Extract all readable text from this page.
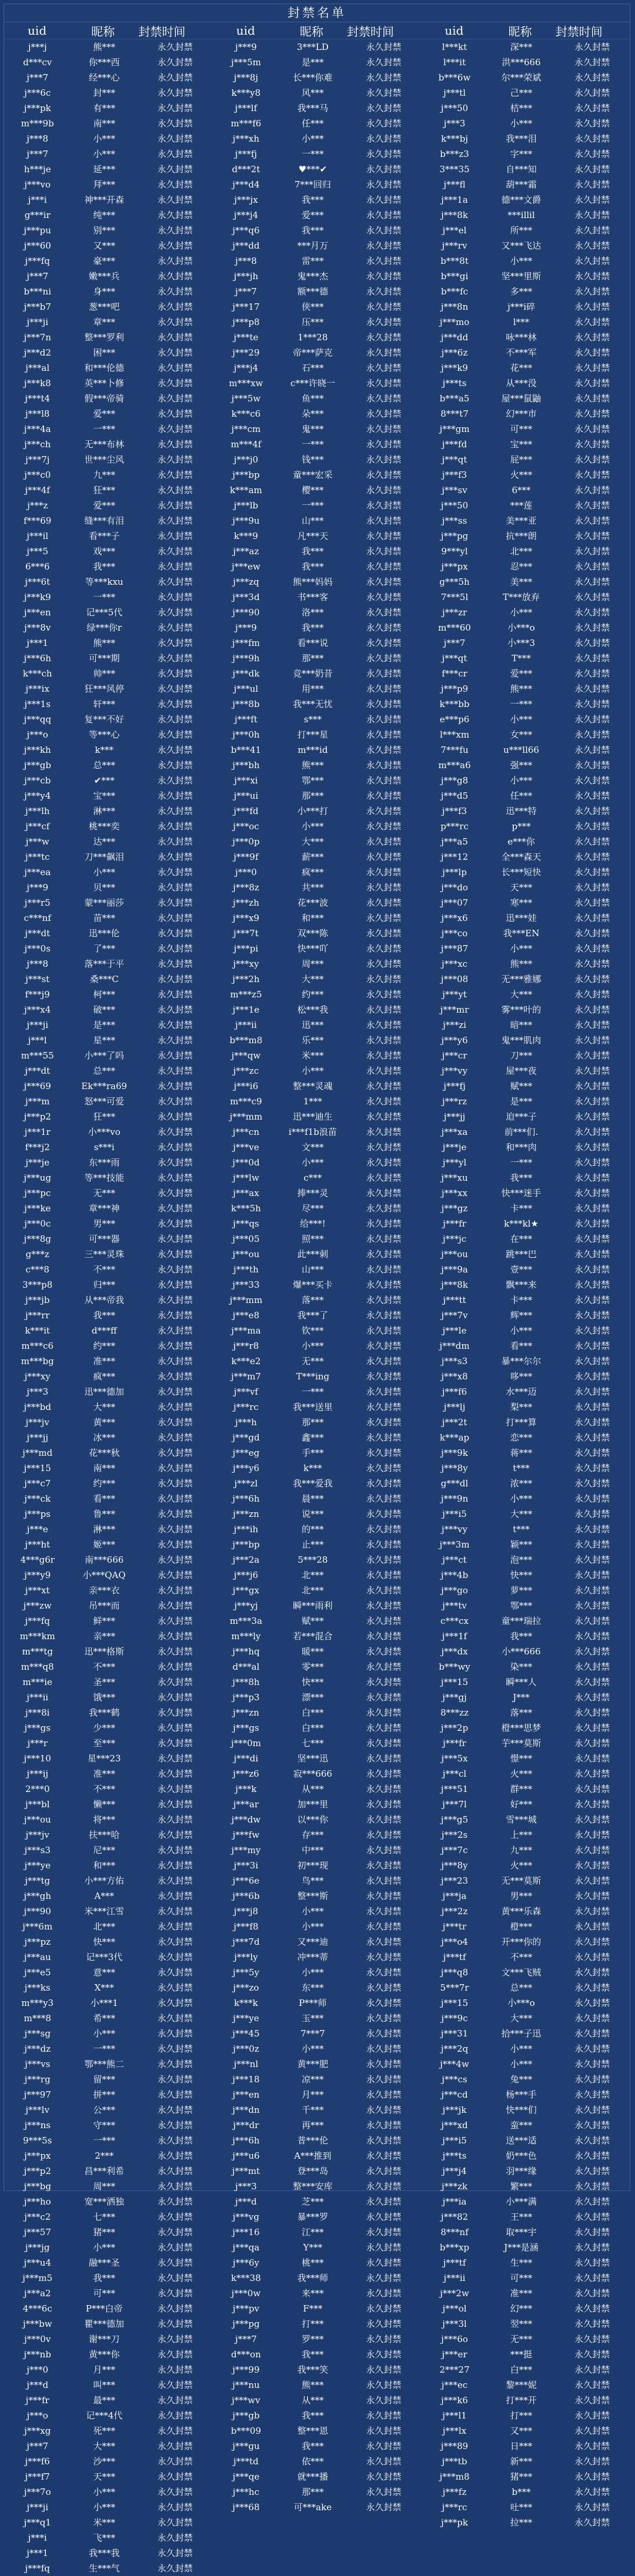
封禁名单
uid	昵称	封禁时间
j***j	熊***	永久封禁
d***cv	你***西	永久封禁
j***7	经***心	永久封禁
j***6c	封***	永久封禁
j***pk	有***	永久封禁
m***9b	南***	永久封禁
j***8	小***	永久封禁
j***7	小***	永久封禁
h***je	延***	永久封禁
j***vo	拜***	永久封禁
j***i	神***开森	永久封禁
g***ir	纯***	永久封禁
j***pu	别***	永久封禁
j***60	又***	永久封禁
j***fq	豪***	永久封禁
j***7	嫩***兵	永久封禁
b***ni	身***	永久封禁
j***b7	葱***吧	永久封禁
j***ji	章***	永久封禁
j***7n	整***罗利	永久封禁
j***d2	困***	永久封禁
j***al	和***伦德	永久封禁
j***k8	英***卜修	永久封禁
j***t4	假***帝骑	永久封禁
j***l8	爱***	永久封禁
j***4a	一***	永久封禁
j***ch	无***布林	永久封禁
j***7j	世***尘风	永久封禁
j***c0	九***	永久封禁
j***4f	狂***	永久封禁
j***z	爱***	永久封禁
f***69	缝***有泪	永久封禁
j***il	看***子	永久封禁
j***5	戏***	永久封禁
6***6	我***	永久封禁
j***6t	等***kxu	永久封禁
j***k9	一***	永久封禁
j***en	记***5代	永久封禁
j***8v	绿***你r	永久封禁
j***1	熊***	永久封禁
j***6h	可***期	永久封禁
k***ch	帅***	永久封禁
j***ix	狂***风停	永久封禁
j***1s	轩***	永久封禁
j***qq	复***不好	永久封禁
j***o	等***心	永久封禁
j***kh	k***	永久封禁
j***gb	总***	永久封禁
j***cb	✔***	永久封禁
j***y4	宝***	永久封禁
j***lh	淋***	永久封禁
j***cf	桃***奕	永久封禁
j***w	达***	永久封禁
j***tc	刀***飙泪	永久封禁
j***ea	小***	永久封禁
j***9	贝***	永久封禁
j***r5	蒙***丽莎	永久封禁
c***nf	苗***	永久封禁
j***dt	迅***伦	永久封禁
j***0s	了***	永久封禁
j***8	落***于平	永久封禁
j***st	桑***C	永久封禁
f***j9	柯***	永久封禁
j***x4	破***	永久封禁
j***ji	是***	永久封禁
j***l	星***	永久封禁
m***55	小***了吗	永久封禁
j***dt	总***	永久封禁
j***69	Ek***ra69	永久封禁
j***m	怒***可爱	永久封禁
j***p2	狂***	永久封禁
j***1r	小***vo	永久封禁
f***j2	s***i	永久封禁
j***je	东***雨	永久封禁
j***ug	等***技能	永久封禁
j***pc	无***	永久封禁
j***ke	章***神	永久封禁
j***0c	男***	永久封禁
j***8g	可***器	永久封禁
g***z	三***灵珠	永久封禁
c***8	不***	永久封禁
3***p8	归***	永久封禁
j***jb	从***帝我	永久封禁
j***rr	我***	永久封禁
k***it	d***ff	永久封禁
m***c6	约***	永久封禁
m***bg	准***	永久封禁
j***xy	疯***	永久封禁
j***3	迅***德加	永久封禁
j***bd	大***	永久封禁
j***jv	黄***	永久封禁
j***jj	冰***	永久封禁
j***md	花***秋	永久封禁
j***15	南***	永久封禁
j***c7	约***	永久封禁
j***ck	看***	永久封禁
j***ps	鲁***	永久封禁
j***e	淋***	永久封禁
j***ht	姬***	永久封禁
4***g6r	南***666	永久封禁
j***y9	小***QAQ	永久封禁
j***xt	亲***衣	永久封禁
j***zw	吊***而	永久封禁
j***fq	鲜***	永久封禁
m***km	亲***	永久封禁
m***tg	迅***格斯	永久封禁
m***q8	不***	永久封禁
m***ie	圣***	永久封禁
j***ii	饿***	永久封禁
j***8i	我***鹤	永久封禁
j***gs	少***	永久封禁
j***r	至***	永久封禁
j***10	星***23	永久封禁
j***ij	准***	永久封禁
2***0	不***	永久封禁
j***bl	懒***	永久封禁
j***ou	将***	永久封禁
j***jv	扶***哈	永久封禁
j***s3	尼***	永久封禁
j***ye	和***	永久封禁
j***tg	小***方佑	永久封禁
j***gh	A***	永久封禁
j***90	米***江雪	永久封禁
j***6m	北***	永久封禁
j***pz	快***	永久封禁
j***au	记***3代	永久封禁
j***e5	意***	永久封禁
j***ks	X***	永久封禁
m***y3	小***1	永久封禁
m***8	希***	永久封禁
j***sg	小***	永久封禁
j***dz	一***	永久封禁
j***vs	鄂***熊二	永久封禁
j***rg	留***	永久封禁
j***97	拼***	永久封禁
j***lv	公***	永久封禁
j***ns	守***	永久封禁
9***5s	一***	永久封禁
j***px	2***	永久封禁
j***p2	昌***利希	永久封禁
j***bg	周***	永久封禁
j***ho	宽***洒独	永久封禁
j***c2	七***	永久封禁
j***57	猪***	永久封禁
j***jg	小***	永久封禁
j***u4	融***圣	永久封禁
j***m5	我***	永久封禁
j***a2	可***	永久封禁
4***6c	P***白帝	永久封禁
j***bw	瞿***德加	永久封禁
j***0v	谢***刀	永久封禁
j***nb	黄***你	永久封禁
j***0	月***	永久封禁
j***d	叫***	永久封禁
j***fr	最***	永久封禁
j***o	记***4代	永久封禁
j***xg	死***	永久封禁
j***7	大***	永久封禁
j***f6	沙***	永久封禁
j***f7	天***	永久封禁
j***7o	小***	永久封禁
j***ji	小***	永久封禁
j***q1	米***	永久封禁
j***i	飞***	永久封禁
j***1	我***我	永久封禁
j***fq	生***气	永久封禁
uid	昵称	封禁时间
j***9	3***LD	永久封禁
j***5m	是***	永久封禁
j***8j	长***你难	永久封禁
k***y8	风***	永久封禁
j***lf	我***马	永久封禁
m***f6	任***	永久封禁
j***xh	小***	永久封禁
j***fj	一***	永久封禁
d***2t	♥***✔	永久封禁
j***d4	7***回归	永久封禁
j***jx	我***	永久封禁
j***j4	爱***	永久封禁
j***q6	我***	永久封禁
j***dd	***月万	永久封禁
j***8	雷***	永久封禁
j***jh	鬼***杰	永久封禁
j***7	额***德	永久封禁
j***17	侠***	永久封禁
j***p8	压***	永久封禁
j***te	1***28	永久封禁
j***29	帝***萨克	永久封禁
j***j4	石***	永久封禁
m***xw	c***许晓一	永久封禁
j***5w	鱼***	永久封禁
k***c6	朵***	永久封禁
j***cm	鬼***	永久封禁
m***4f	一***	永久封禁
j***j0	钱***	永久封禁
j***bp	童***宏采	永久封禁
k***am	樱***	永久封禁
j***lb	一***	永久封禁
j***9u	山***	永久封禁
k***9	凡***天	永久封禁
j***az	我***	永久封禁
j***ew	我***	永久封禁
j***zq	熊***妈妈	永久封禁
j***3d	书***客	永久封禁
j***90	洛***	永久封禁
j***9	我***	永久封禁
j***fm	看***说	永久封禁
j***9h	那***	永久封禁
j***dk	竞***奶昔	永久封禁
j***ul	用***	永久封禁
j***8b	我***无忧	永久封禁
j***ft	s***	永久封禁
j***0h	打***星	永久封禁
b***41	m***id	永久封禁
j***bh	熊***	永久封禁
j***xi	鄂***	永久封禁
j***ui	那***	永久封禁
j***fd	小***打	永久封禁
j***oc	小***	永久封禁
j***0p	大***	永久封禁
j***9f	薪***	永久封禁
j***0	疯***	永久封禁
j***8z	共***	永久封禁
j***zh	花***波	永久封禁
j***x9	和***	永久封禁
j***7t	双***陈	永久封禁
j***pi	快***吖	永久封禁
j***xy	周***	永久封禁
j***2h	大***	永久封禁
m***z5	约***	永久封禁
j***1e	松***我	永久封禁
j***ii	迅***	永久封禁
b***m8	乐***	永久封禁
j***qw	米***	永久封禁
j***zc	小***	永久封禁
j***i6	整***灵魂	永久封禁
m***c9	1***	永久封禁
j***mm	迅***迪生	永久封禁
j***cn	i***f1b浪苗	永久封禁
j***ve	文***	永久封禁
j***0d	小***	永久封禁
j***lw	c***	永久封禁
j***ax	捧***灵	永久封禁
k***5h	尽***	永久封禁
j***qs	给***!	永久封禁
j***05	照***	永久封禁
j***ou	此***刺	永久封禁
j***th	山***	永久封禁
j***33	爆***买卡	永久封禁
j***mm	落***	永久封禁
j***e8	我***了	永久封禁
j***ma	钦***	永久封禁
j***r8	小***	永久封禁
k***e2	无***	永久封禁
j***m7	T***ing	永久封禁
j***vf	一***	永久封禁
j***rc	我***送里	永久封禁
j***h	那***	永久封禁
j***gd	鑫***	永久封禁
j***eg	手***	永久封禁
j***y6	k***	永久封禁
j***zl	我***爱我	永久封禁
j***6h	晨***	永久封禁
j***zn	说***	永久封禁
j***ih	的***	永久封禁
j***bp	止***	永久封禁
j***2a	5***28	永久封禁
j***j6	北***	永久封禁
j***gx	北***	永久封禁
j***yj	瞬***雨利	永久封禁
m***3a	赋***	永久封禁
m***ly	若***混合	永久封禁
j***hq	暖***	永久封禁
d***al	零***	永久封禁
j***8h	快***	永久封禁
j***p3	漂***	永久封禁
j***zn	白***	永久封禁
j***gs	白***	永久封禁
j***0m	七***	永久封禁
j***di	坚***迅	永久封禁
j***z6	寂***666	永久封禁
j***k	从***	永久封禁
j***ar	加***里	永久封禁
j***dw	以***你	永久封禁
j***fw	存***	永久封禁
j***my	中***	永久封禁
j***3i	初***现	永久封禁
j***6e	鸟***	永久封禁
j***6b	整***斯	永久封禁
j***j8	小***	永久封禁
j***f8	小***	永久封禁
j***7d	又***迪	永久封禁
j***ly	冲***蒂	永久封禁
j***5y	小***	永久封禁
j***zo	东***	永久封禁
k***k	P***师	永久封禁
j***ye	玉***	永久封禁
j***45	7***7	永久封禁
j***0z	小***	永久封禁
j***nl	黄***肥	永久封禁
j***18	凉***	永久封禁
j***en	月***	永久封禁
j***dn	千***	永久封禁
j***dr	再***	永久封禁
j***6h	普***伦	永久封禁
j***u6	A***推到	永久封禁
j***mt	登***岛	永久封禁
j***3	整***安库	永久封禁
j***d	芝***	永久封禁
j***vg	暴***罗	永久封禁
j***16	江***	永久封禁
j***qa	Y***	永久封禁
j***6y	桃***	永久封禁
k***38	我***师	永久封禁
j***0w	来***	永久封禁
j***pv	F***	永久封禁
j***pg	打***	永久封禁
j***7	罗***	永久封禁
d***on	我***	永久封禁
j***99	我***笑	永久封禁
j***nu	熊***	永久封禁
j***wv	从***	永久封禁
j***gb	我***	永久封禁
b***09	整***恩	永久封禁
j***gu	我***	永久封禁
j***td	依***	永久封禁
j***qe	就***播	永久封禁
j***hc	那***	永久封禁
j***68	可***ake	永久封禁
uid	昵称	封禁时间
l***kt	深***	永久封禁
l***it	洪***666	永久封禁
b***6w	尔***荣斌	永久封禁
j***tl	己***	永久封禁
j***50	桔***	永久封禁
j***3	小***	永久封禁
k***bj	我***泪	永久封禁
b***z3	字***	永久封禁
3***35	自***知	永久封禁
j***fl	葫***霜	永久封禁
j***1a	德***文爵	永久封禁
j***8k	***illil	永久封禁
j***el	所***	永久封禁
j***rv	又***飞达	永久封禁
b***8t	小***	永久封禁
b***gi	坚***里斯	永久封禁
b***fc	多***	永久封禁
j***8n	j***i碎	永久封禁
j***mo	l***	永久封禁
j***dd	咏***林	永久封禁
j***6z	不***军	永久封禁
j***k9	花***	永久封禁
j***ts	从***没	永久封禁
b***a5	屋***鼠鼬	永久封禁
8***t7	幻***市	永久封禁
j***gm	可***	永久封禁
j***fd	宝***	永久封禁
j***qt	屁***	永久封禁
j***f3	火***	永久封禁
j***sv	6***	永久封禁
j***50	***莲	永久封禁
j***ss	美***亚	永久封禁
j***pg	抗***朗	永久封禁
9***yl	北***	永久封禁
j***px	忍***	永久封禁
g***5h	美***	永久封禁
7***5l	T***放弃	永久封禁
j***zr	小***	永久封禁
m***60	小***o	永久封禁
j***7	小***3	永久封禁
j***qt	T***	永久封禁
f***cr	爱***	永久封禁
j***p9	熊***	永久封禁
k***bb	一***	永久封禁
e***p6	小***	永久封禁
l***xm	女***	永久封禁
7***fu	u***ll66	永久封禁
m***a6	强***	永久封禁
j***g8	小***	永久封禁
j***d5	任***	永久封禁
j***f3	迅***特	永久封禁
p***rc	p***	永久封禁
j***a5	e***你	永久封禁
j***12	全***森天	永久封禁
j***lp	长***短快	永久封禁
j***do	天***	永久封禁
j***07	寒***	永久封禁
j***x6	迅***娃	永久封禁
j***co	我***EN	永久封禁
j***87	小***	永久封禁
j***xc	熊***	永久封禁
j***08	无***雅娜	永久封禁
j***yt	大***	永久封禁
j***mr	雾***叶的	永久封禁
j***zi	暗***	永久封禁
j***y6	鬼***肌肉	永久封禁
j***cr	刀***	永久封禁
j***vy	屋***夜	永久封禁
j***fj	赋***	永久封禁
j***rz	是***	永久封禁
j***jj	迫***子	永久封禁
j***xa	前***们.	永久封禁
j***je	和***肉	永久封禁
j***yl	一***	永久封禁
j***xu	我***	永久封禁
j***xx	快***迷手	永久封禁
j***gz	卡***	永久封禁
j***fr	k***kl★	永久封禁
j***jc	在***	永久封禁
j***ou	跳***巴	永久封禁
j***9a	壹***	永久封禁
j***8k	飘***来	永久封禁
j***tt	卡***	永久封禁
j***7v	辉***	永久封禁
j***le	小***	永久封禁
j***dm	看***	永久封禁
j***s3	暴***尔尔	永久封禁
j***x8	哆***	永久封禁
j***f6	水***迈	永久封禁
j***lj	梨***	永久封禁
j***2t	打***算	永久封禁
k***ap	恋***	永久封禁
j***9k	蒋***	永久封禁
j***8y	t***	永久封禁
g***dl	浓***	永久封禁
j***9n	小***	永久封禁
j***i5	大***	永久封禁
j***vy	t***	永久封禁
j***3m	颖***	永久封禁
j***ct	泡***	永久封禁
j***4b	快***	永久封禁
j***go	萝***	永久封禁
j***tv	鄂***	永久封禁
c***cx	童***瑞拉	永久封禁
j***1f	我***	永久封禁
j***dx	小***666	永久封禁
b***wy	染***	永久封禁
j***15	瞬***人	永久封禁
j***gj	J***	永久封禁
8***zz	落***	永久封禁
j***2p	橙***思梦	永久封禁
j***fr	芋***莫斯	永久封禁
j***5x	憬***	永久封禁
j***cl	火***	永久封禁
j***51	群***	永久封禁
j***7l	好***	永久封禁
j***g5	雪***城	永久封禁
j***2s	上***	永久封禁
j***7c	九***	永久封禁
j***8y	火***	永久封禁
j***23	无***莫斯	永久封禁
j***ja	男***	永久封禁
j***2z	黄***乐森	永久封禁
j***tr	橙***	永久封禁
j***o4	开***你的	永久封禁
j***tf	不***	永久封禁
j***q8	文***飞贼	永久封禁
5***7r	总***	永久封禁
j***15	小***o	永久封禁
j***9c	大***	永久封禁
j***31	拾***子迅	永久封禁
j***2q	小***	永久封禁
j***4w	小***	永久封禁
j***cs	兔***	永久封禁
j***cd	杨***手	永久封禁
j***jk	快***们	永久封禁
j***xd	蛮***	永久封禁
j***i5	送***适	永久封禁
j***ts	奶***色	永久封禁
j***j4	羽***缘	永久封禁
j***zk	繁***	永久封禁
j***ia	小***满	永久封禁
j***82	王***	永久封禁
8***nf	取***宇	永久封禁
b***xp	J***是涵	永久封禁
j***tf	生***	永久封禁
j***ii	可***	永久封禁
j***2w	准***	永久封禁
j***ol	幻***	永久封禁
j***3l	翌***	永久封禁
j***6o	无***	永久封禁
j***er	***挺	永久封禁
2***27	白***	永久封禁
j***ec	黎***妮	永久封禁
j***k6	打***开	永久封禁
j***l1	打***	永久封禁
j***lx	又***	永久封禁
j***89	日***	永久封禁
j***tb	新***	永久封禁
j***m8	猪***	永久封禁
j***fz	b***	永久封禁
j***rc	吐***	永久封禁
j***pk	拉***	永久封禁
